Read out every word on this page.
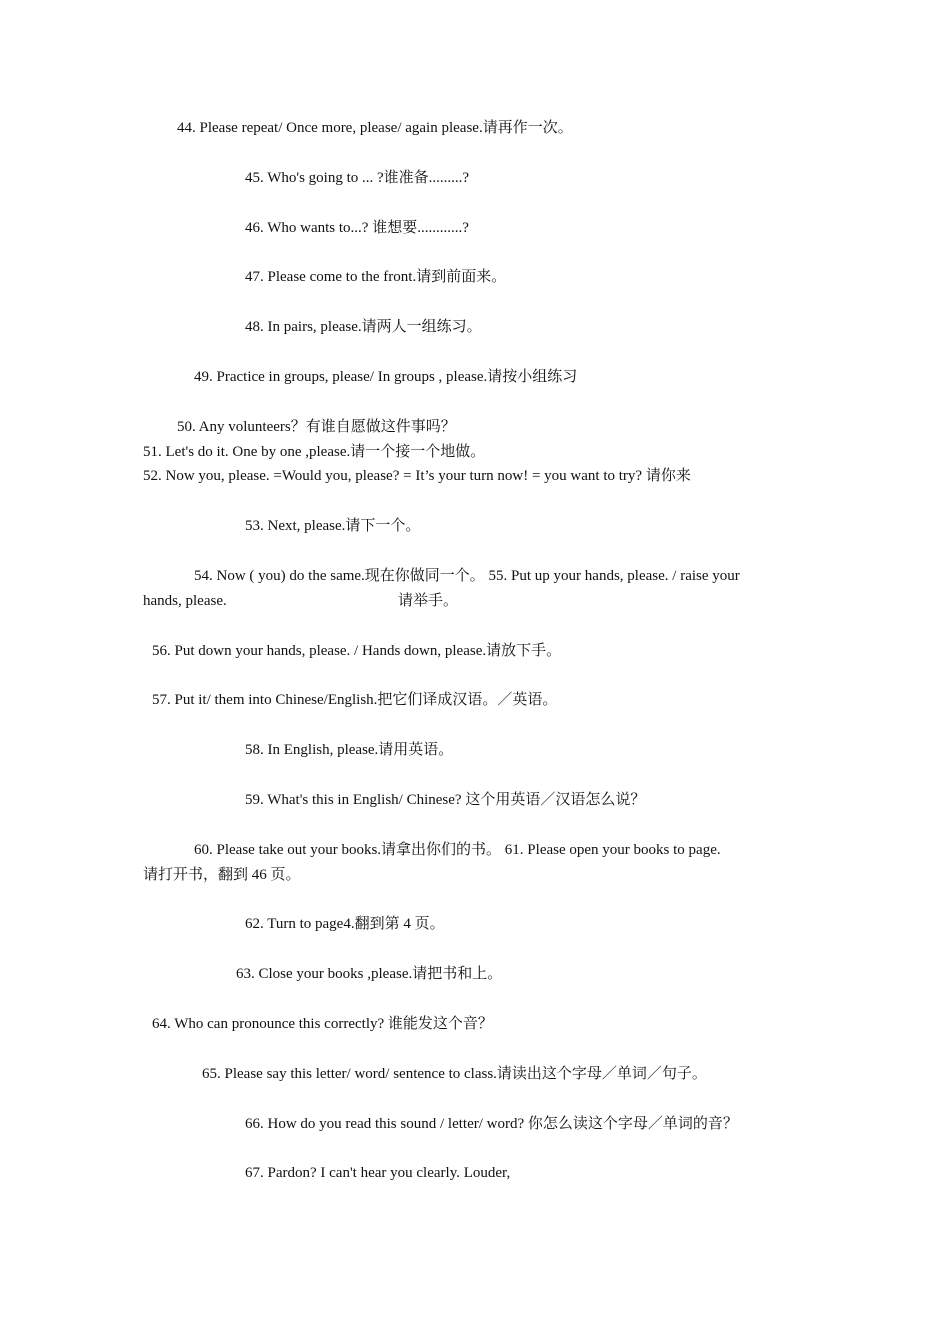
44. Please repeat/ Once more, please/ again please.请再作一次。
45. Who's going to ... ?谁准备.........?
46. Who wants to...? 谁想要............?
47. Please come to the front.请到前面来。
48. In pairs, please.请两人一组练习。
49. Practice in groups, please/ In groups , please.请按小组练习
50. Any volunteers？有谁自愿做这件事吗？
51. Let's do it. One by one ,please.请一个接一个地做。
52. Now you, please. =Would you, please? = It’s your turn now! = you want to try? 请你来
53. Next, please.请下一个。
54. Now ( you) do the same.现在你做同一个。 55. Put up your hands, please. / raise your
hands, please.	请举手。
56. Put down your hands, please. / Hands down, please.请放下手。
57. Put it/ them into Chinese/English.把它们译成汉语。／英语。
58. In English, please.请用英语。
59. What's this in English/ Chinese? 这个用英语／汉语怎么说？
60. Please take out your books.请拿出你们的书。 61. Please open your books to page.
请打开书，翻到 46 页。
62. Turn to page4.翻到第 4 页。
63. Close your books ,please.请把书和上。
64. Who can pronounce this correctly? 谁能发这个音？
65. Please say this letter/ word/ sentence to class.请读出这个字母／单词／句子。
66. How do you read this sound / letter/ word? 你怎么读这个字母／单词的音？
67. Pardon? I can't hear you clearly. Louder,
